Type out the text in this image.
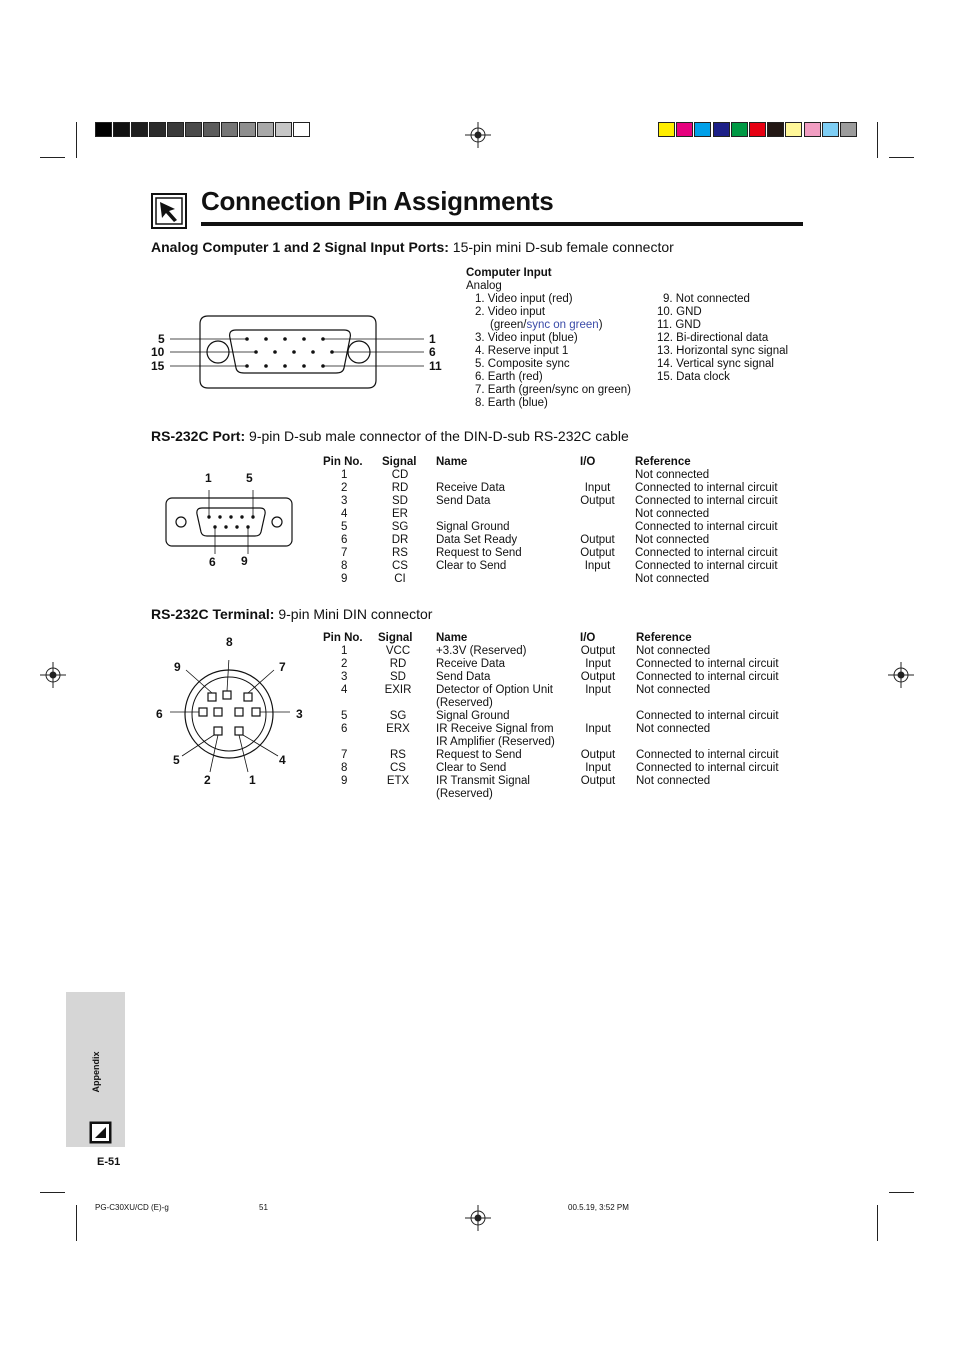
Connection Pin Assignments
Analog Computer 1 and 2 Signal Input Ports: 15-pin mini D-sub female connector
5
10
15
1
6
11
Computer Input
Analog
1. Video input (red)
2. Video input
(green/sync on green)
3. Video input (blue)
4. Reserve input 1
5. Composite sync
6. Earth (red)
7. Earth (green/sync on green)
8. Earth (blue)
9. Not connected
10. GND
11. GND
12. Bi-directional data
13. Horizontal sync signal
14. Vertical sync signal
15. Data clock
RS-232C Port: 9-pin D-sub male connector of the DIN-D-sub RS-232C cable
1	5
6 9
Pin No.	Signal	Name	I/O	Reference
1	CD			Not connected
2	RD	Receive Data	Input	Connected to internal circuit
3	SD	Send Data	Output	Connected to internal circuit
4	ER			Not connected
5	SG	Signal Ground		Connected to internal circuit
6	DR	Data Set Ready	Output	Not connected
7	RS	Request to Send	Output	Connected to internal circuit
8	CS	Clear to Send	Input	Connected to internal circuit
9	CI			Not connected
RS-232C Terminal: 9-pin Mini DIN connector
8
9	7
6	3
5	4
2	1
Pin No.	Signal	Name	I/O	Reference
1	VCC	+3.3V (Reserved)	Output	Not connected
2	RD	Receive Data	Input	Connected to internal circuit
3	SD	Send Data	Output	Connected to internal circuit
4	EXIR	Detector of Option Unit	Input	Not connected
		(Reserved)		
5	SG	Signal Ground		Connected to internal circuit
6	ERX	IR Receive Signal from	Input	Not connected
		IR Amplifier (Reserved)		
7	RS	Request to Send	Output	Connected to internal circuit
8	CS	Clear to Send	Input	Connected to internal circuit
9	ETX	IR Transmit Signal	Output	Not connected
		(Reserved)		
Appendix
E-51
PG-C30XU/CD (E)-g	51	00.5.19, 3:52 PM
